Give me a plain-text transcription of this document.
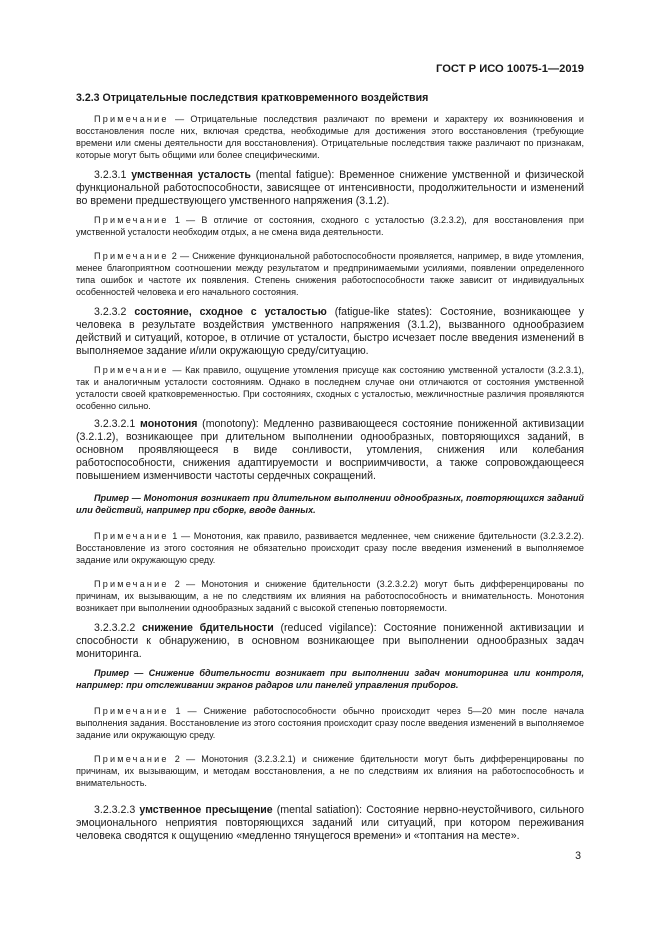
ГОСТ Р ИСО 10075-1—2019
3.2.3 Отрицательные последствия кратковременного воздействия

Примечание — Отрицательные последствия различают по времени и характеру их возникновения и восстановления после них, включая средства, необходимые для достижения этого восстановления (требующие времени или смены деятельности для восстановления). Отрицательные последствия также различают по признакам, которые могут быть общими или более специфическими.

3.2.3.1 умственная усталость (mental fatigue): Временное снижение умственной и физической функциональной работоспособности, зависящее от интенсивности, продолжительности и изменений во времени предшествующего умственного напряжения (3.1.2).

Примечание 1 — В отличие от состояния, сходного с усталостью (3.2.3.2), для восстановления при умственной усталости необходим отдых, а не смена вида деятельности.

Примечание 2 — Снижение функциональной работоспособности проявляется, например, в виде утомления, менее благоприятном соотношении между результатом и предпринимаемыми усилиями, появлении определенного типа ошибок и частоте их появления. Степень снижения работоспособности также зависит от индивидуальных особенностей человека и его начального состояния.

3.2.3.2 состояние, сходное с усталостью (fatigue-like states): Состояние, возникающее у человека в результате воздействия умственного напряжения (3.1.2), вызванного однообразием действий и ситуаций, которое, в отличие от усталости, быстро исчезает после введения изменений в выполняемое задание и/или окружающую среду/ситуацию.

Примечание — Как правило, ощущение утомления присуще как состоянию умственной усталости (3.2.3.1), так и аналогичным усталости состояниям. Однако в последнем случае они отличаются от состояния умственной усталости своей кратковременностью. При состояниях, сходных с усталостью, межличностные различия проявляются особенно сильно.

3.2.3.2.1 монотония (monotony): Медленно развивающееся состояние пониженной активизации (3.2.1.2), возникающее при длительном выполнении однообразных, повторяющихся заданий, в основном проявляющееся в виде сонливости, утомления, снижения или колебания работоспособности, снижения адаптируемости и восприимчивости, а также сопровождающееся повышением изменчивости частоты сердечных сокращений.

Пример — Монотония возникает при длительном выполнении однообразных, повторяющихся заданий или действий, например при сборке, вводе данных.

Примечание 1 — Монотония, как правило, развивается медленнее, чем снижение бдительности (3.2.3.2.2). Восстановление из этого состояния не обязательно происходит сразу после введения изменений в выполняемое задание или окружающую среду.

Примечание 2 — Монотония и снижение бдительности (3.2.3.2.2) могут быть дифференцированы по причинам, их вызывающим, а не по следствиям их влияния на работоспособность и внимательность. Монотония возникает при выполнении однообразных заданий с высокой степенью повторяемости.

3.2.3.2.2 снижение бдительности (reduced vigilance): Состояние пониженной активизации и способности к обнаружению, в основном возникающее при выполнении однообразных задач мониторинга.

Пример — Снижение бдительности возникает при выполнении задач мониторинга или контроля, например: при отслеживании экранов радаров или панелей управления приборов.

Примечание 1 — Снижение работоспособности обычно происходит через 5—20 мин после начала выполнения задания. Восстановление из этого состояния происходит сразу после введения изменений в выполняемое задание или окружающую среду.

Примечание 2 — Монотония (3.2.3.2.1) и снижение бдительности могут быть дифференцированы по причинам, их вызывающим, и методам восстановления, а не по следствиям их влияния на работоспособность и внимательность.

3.2.3.2.3 умственное пресыщение (mental satiation): Состояние нервно-неустойчивого, сильного эмоционального неприятия повторяющихся заданий или ситуаций, при котором переживания человека сводятся к ощущению «медленно тянущегося времени» и «топтания на месте».

3
